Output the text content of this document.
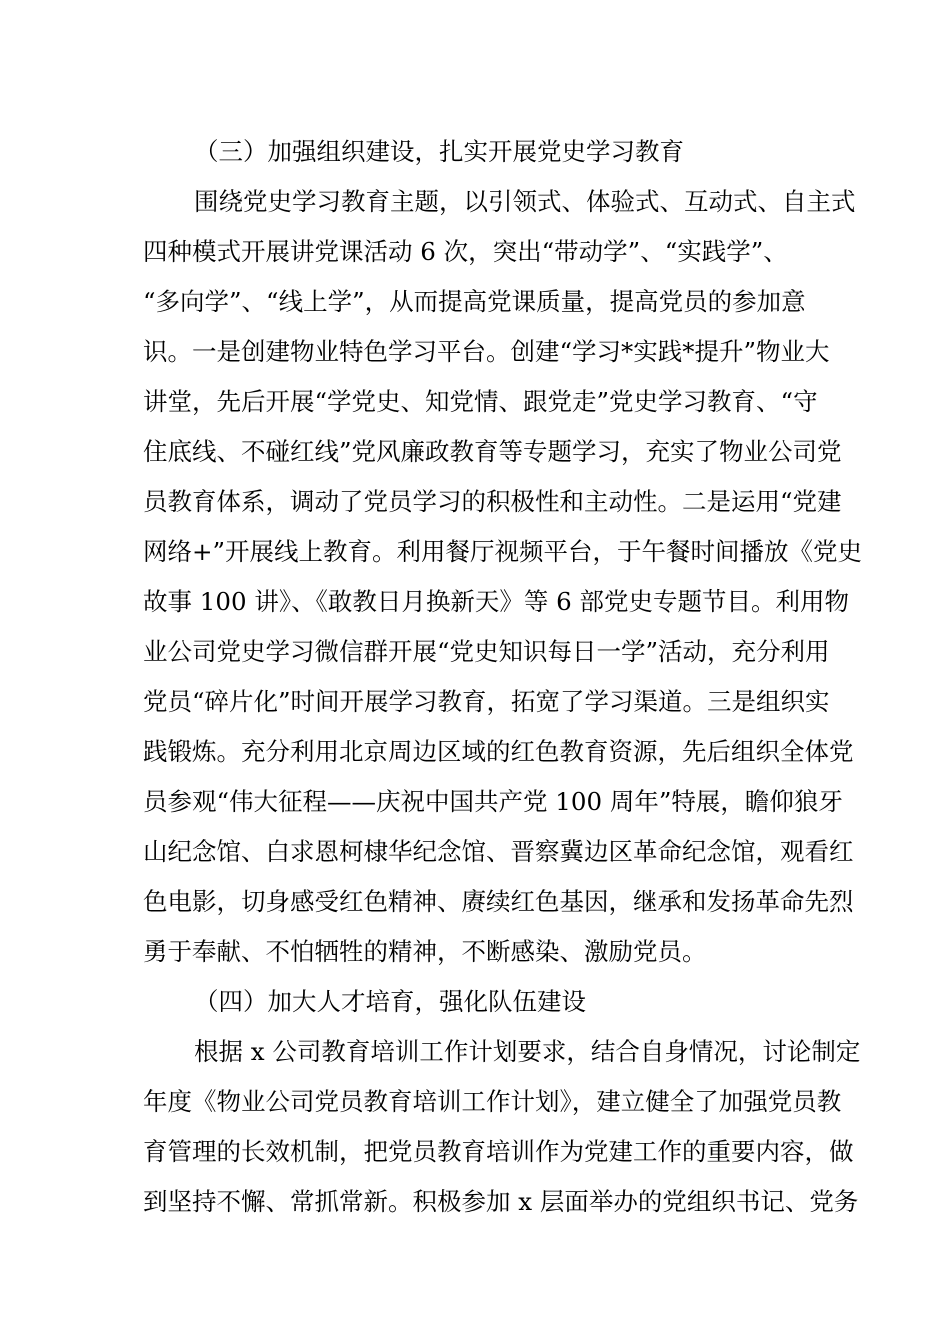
（三）加强组织建设，扎实开展党史学习教育
围绕党史学习教育主题，以引领式、体验式、互动式、自主式
四种模式开展讲党课活动 6 次，突出“带动学”、“实践学”、
“多向学”、“线上学”，从而提高党课质量，提高党员的参加意
识。一是创建物业特色学习平台。创建“学习*实践*提升”物业大
讲堂，先后开展“学党史、知党情、跟党走”党史学习教育、“守
住底线、不碰红线”党风廉政教育等专题学习，充实了物业公司党
员教育体系，调动了党员学习的积极性和主动性。二是运用“党建
网络+”开展线上教育。利用餐厅视频平台，于午餐时间播放《党史
故事 100 讲》、《敢教日月换新天》等 6 部党史专题节目。利用物
业公司党史学习微信群开展“党史知识每日一学”活动，充分利用
党员“碎片化”时间开展学习教育，拓宽了学习渠道。三是组织实
践锻炼。充分利用北京周边区域的红色教育资源，先后组织全体党
员参观“伟大征程——庆祝中国共产党 100 周年”特展，瞻仰狼牙
山纪念馆、白求恩柯棣华纪念馆、晋察冀边区革命纪念馆，观看红
色电影，切身感受红色精神、赓续红色基因，继承和发扬革命先烈
勇于奉献、不怕牺牲的精神，不断感染、激励党员。
（四）加大人才培育，强化队伍建设
根据 x 公司教育培训工作计划要求，结合自身情况，讨论制定
年度《物业公司党员教育培训工作计划》，建立健全了加强党员教
育管理的长效机制，把党员教育培训作为党建工作的重要内容，做
到坚持不懈、常抓常新。积极参加 x 层面举办的党组织书记、党务
